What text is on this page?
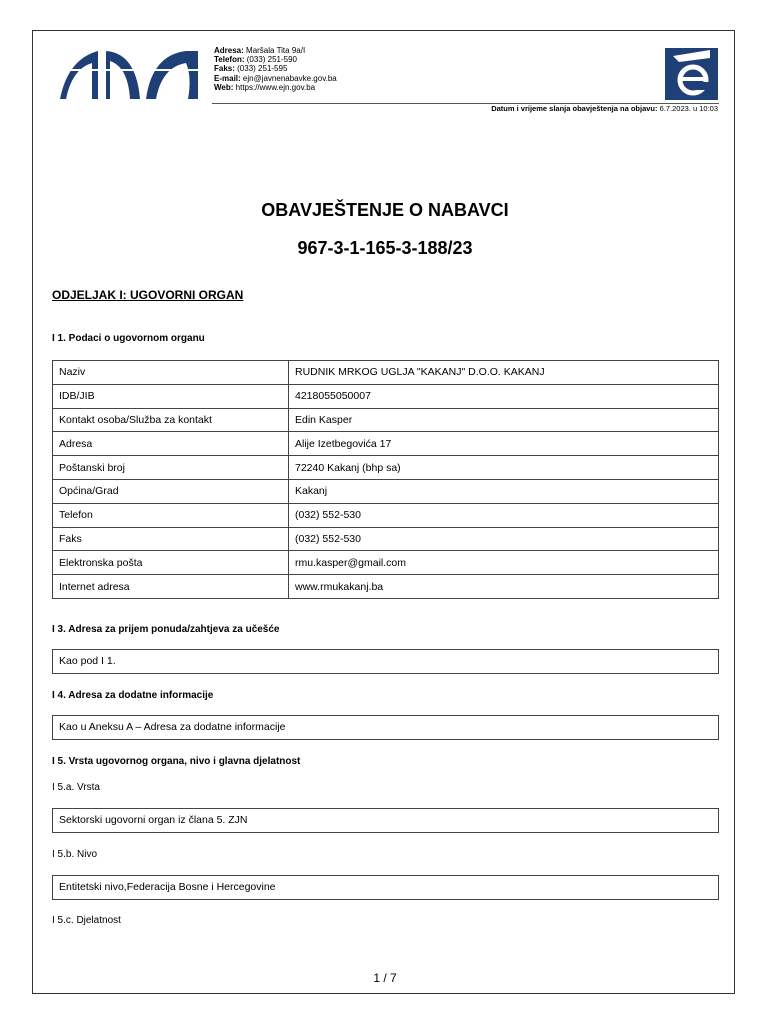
Adresa: Maršala Tita 9a/I
Telefon: (033) 251-590
Faks: (033) 251-595
E-mail: ejn@javnenabavke.gov.ba
Web: https://www.ejn.gov.ba
Datum i vrijeme slanja obavještenja na objavu: 6.7.2023. u 10:03
OBAVJEŠTENJE O NABAVCI
967-3-1-165-3-188/23
ODJELJAK I: UGOVORNI ORGAN
I 1. Podaci o ugovornom organu
Naziv	RUDNIK MRKOG UGLJA "KAKANJ" D.O.O. KAKANJ
IDB/JIB	4218055050007
Kontakt osoba/Služba za kontakt	Edin Kasper
Adresa	Alije Izetbegovića 17
Poštanski broj	72240 Kakanj (bhp sa)
Općina/Grad	Kakanj
Telefon	(032) 552-530
Faks	(032) 552-530
Elektronska pošta	rmu.kasper@gmail.com
Internet adresa	www.rmukakanj.ba
I 3. Adresa za prijem ponuda/zahtjeva za učešće
Kao pod I 1.
I 4. Adresa za dodatne informacije
Kao u Aneksu A – Adresa za dodatne informacije
I 5. Vrsta ugovornog organa, nivo i glavna djelatnost
I 5.a. Vrsta
Sektorski ugovorni organ iz člana 5. ZJN
I 5.b. Nivo
Entitetski nivo,Federacija Bosne i Hercegovine
I 5.c. Djelatnost
1 / 7
